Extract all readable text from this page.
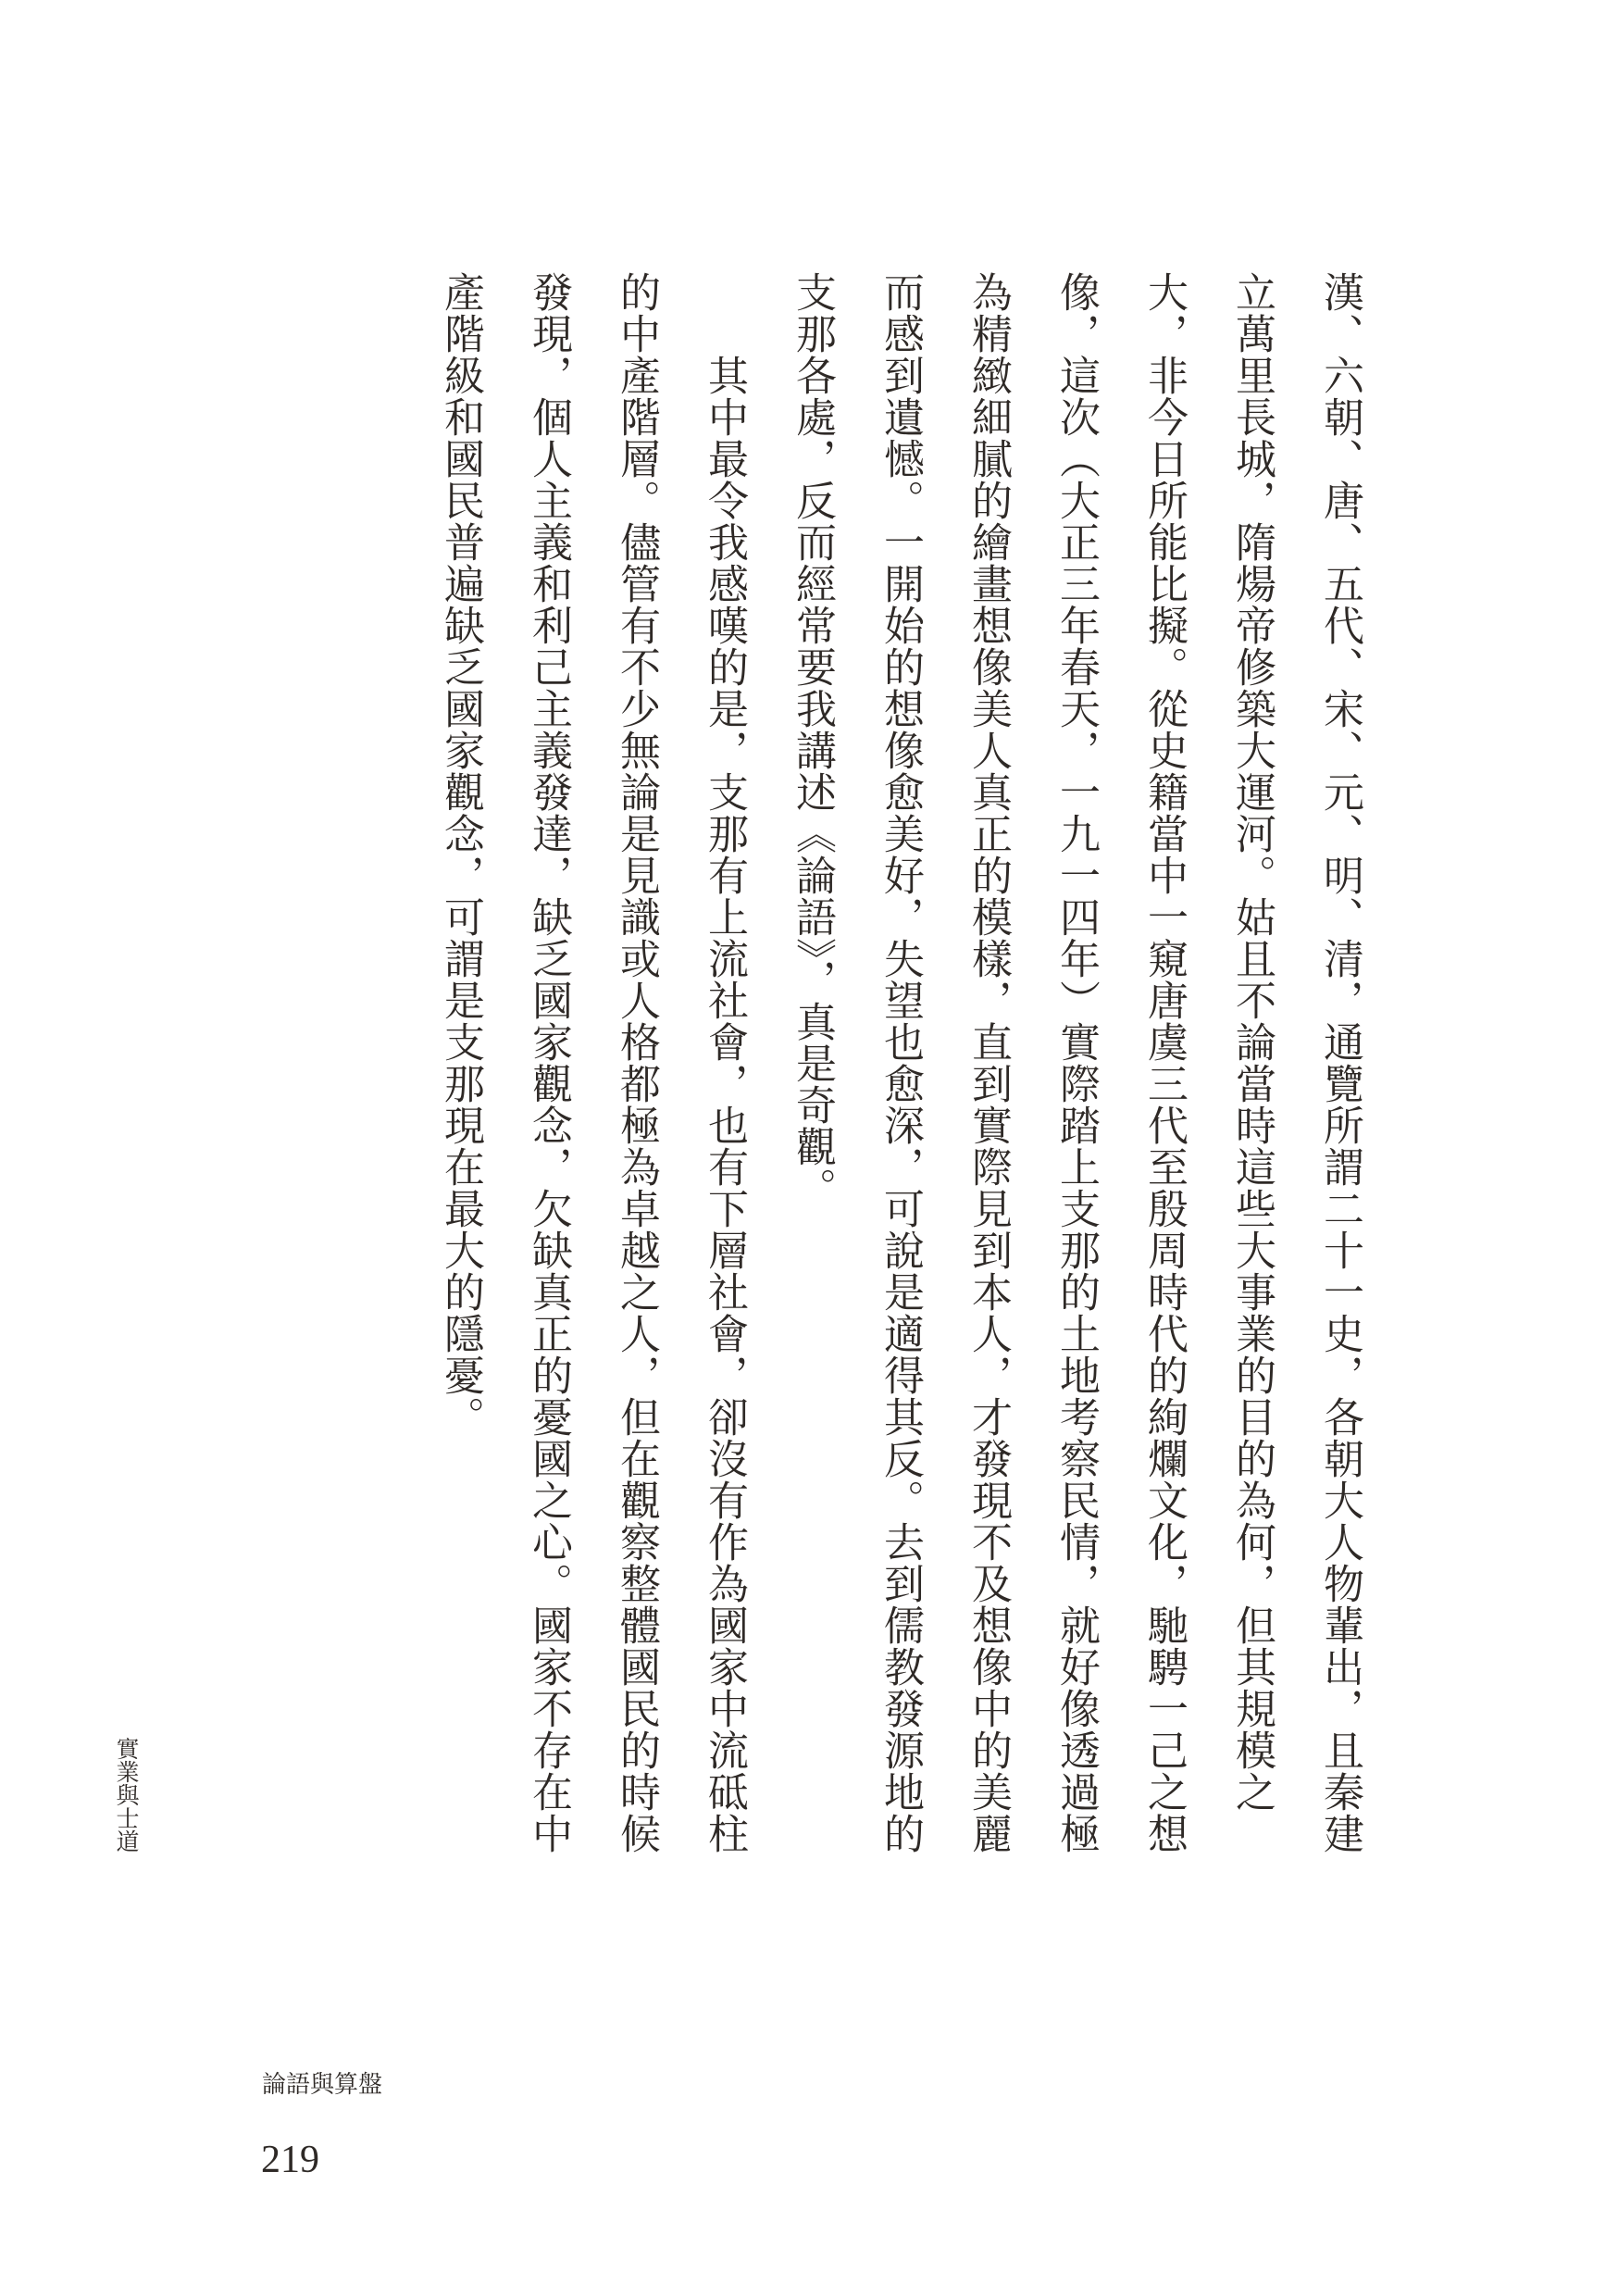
漢、六朝、唐、五代、宋、元、明、清，通覽所謂二十一史，各朝大人物輩出，且秦建
立萬里長城，隋煬帝修築大運河。姑且不論當時這些大事業的目的為何，但其規模之
大，非今日所能比擬。從史籍當中一窺唐虞三代至殷周時代的絢爛文化，馳騁一己之想
像，這次（大正三年春天，一九一四年）實際踏上支那的土地考察民情，就好像透過極
為精緻細膩的繪畫想像美人真正的模樣，直到實際見到本人，才發現不及想像中的美麗
而感到遺憾。一開始的想像愈美好，失望也愈深，可說是適得其反。去到儒教發源地的
支那各處，反而經常要我講述《論語》，真是奇觀。
　　其中最令我感嘆的是，支那有上流社會，也有下層社會，卻沒有作為國家中流砥柱
的中產階層。儘管有不少無論是見識或人格都極為卓越之人，但在觀察整體國民的時候
發現，個人主義和利己主義發達，缺乏國家觀念，欠缺真正的憂國之心。國家不存在中
產階級和國民普遍缺乏國家觀念，可謂是支那現在最大的隱憂。
實業與士道
論語與算盤
219
